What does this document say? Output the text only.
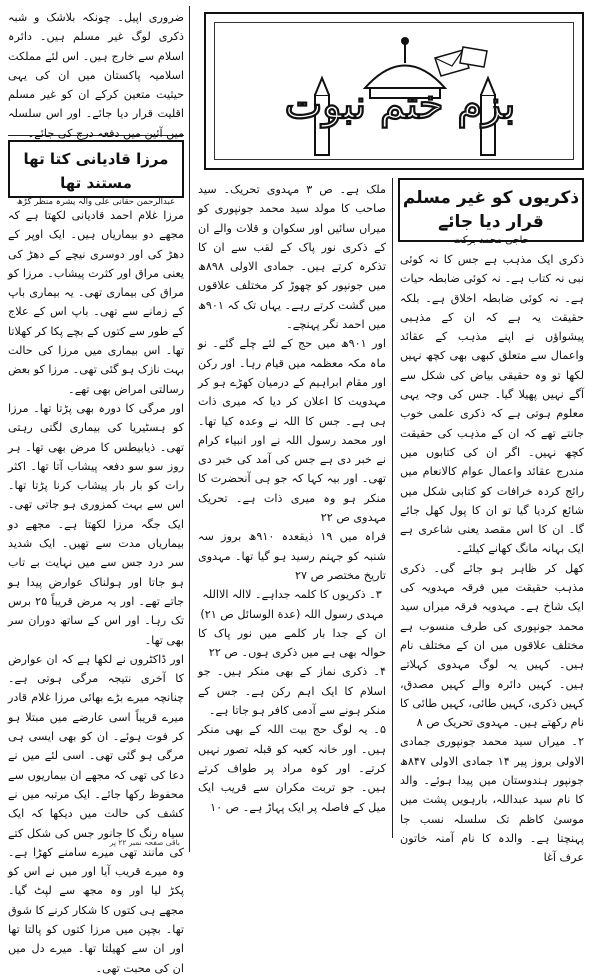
بزم ختم نبوت
ذکریوں کو غیر مسلم قرار دیا جائے
حاجی محمد برکت

ذکری ایک مذہب ہے جس کا نہ کوئی نبی نہ کتاب ہے۔ نہ کوئی ضابطہ حیات ہے۔ نہ کوئی ضابطہ اخلاق ہے۔ بلکہ حقیقت یہ ہے کہ ان کے مذہبی پیشواؤں نے اپنے مذہب کے عقائد واعمال سے متعلق کبھی بھی کچھ نہیں لکھا تو وہ حقیقی بیاض کی شکل سے آگے نہیں پھیلا گیا۔ جس کی وجہ یہی معلوم ہوتی ہے کہ ذکری علمی خوب جانتے تھے کہ ان کے مذہب کی حقیقت کچھ نہیں۔ اگر ان کی کتابوں میں مندرج عقائد واعمال عوام کالانعام میں رائج کردہ خرافات کو کتابی شکل میں شائع کردیا گیا تو ان کا پول کھل جائے گا۔ ان کا اس مقصد یعنی شاعری ہے ایک بہانہ مانگ کھانے کیلئے۔

کھل کر ظاہر ہو جائے گی۔ ذکری مذہب حقیقت میں فرقہ مہدویہ کی ایک شاخ ہے۔ مہدویہ فرقہ میراں سید محمد جونپوری کی طرف منسوب ہے مختلف علاقوں میں ان کے مختلف نام ہیں۔ کہیں یہ لوگ مہدوی کہلاتے ہیں۔ کہیں دائرہ والے کہیں مصدق، کہیں ذکری، کہیں طائی، کہیں طائی کا نام رکھتے ہیں۔ مہدوی تحریک ص ۸

۲۔ میراں سید محمد جونپوری جمادی الاولی بروز پیر ۱۴ جمادی الاولی ۸۴۷ھ جونپور ہندوستان میں پیدا ہوئے۔ والد کا نام سید عبداللہ، بارہویں پشت میں موسیٰ کاظم تک سلسلہ نسب جا پہنچتا ہے۔ والدہ کا نام آمنہ خاتون عرف آغا

ملک ہے۔ ص ۳ مہدوی تحریک۔ سید صاحب کا مولد سید محمد جونپوری کو میراں سائیں اور سکوان و قلات والے ان کے ذکری نور پاک کے لقب سے ان کا تذکرہ کرتے ہیں۔ جمادی الاولی ۸۹۸ھ میں جونپور کو چھوڑ کر مختلف علاقوں میں گشت کرتے رہے۔ یہاں تک کہ ۹۰۱ھ میں احمد نگر پہنچے۔

اور ۹۰۱ھ میں حج کے لئے چلے گئے۔ نو ماہ مکہ معظمہ میں قیام رہا۔ اور رکن اور مقام ابراہیم کے درمیان کھڑے ہو کر مہدویت کا اعلان کر دیا کہ میری ذات ہی ہے۔ جس کا اللہ نے وعدہ کیا تھا۔ اور محمد رسول اللہ نے اور انبیاء کرام نے خبر دی ہے جس کی آمد کی خبر دی تھی۔ اور بیہ کہا کہ جو ہی آنحضرت کا منکر ہو وہ میری ذات ہے۔ تحریک مہدوی ص ۲۲

فراہ میں ۱۹ ذیقعدہ ۹۱۰ھ بروز سہ شنبہ کو جہنم رسید ہو گیا تھا۔ مہدوی تاریخ مختصر ص ۲۷

۳۔ ذکریوں کا کلمہ جداہے۔ لاالہ الااللہ مہدی رسول اللہ (عدة الوسائل ص ۲۱)

ان کے جدا بار کلمے میں نور پاک کا حوالہ بھی ہے میں ذکری ہوں۔ ص ۲۲

۴۔ ذکری نماز کے بھی منکر ہیں۔ جو اسلام کا ایک اہم رکن ہے۔ جس کے منکر ہونے سے آدمی کافر ہو جاتا ہے۔

۵۔ یہ لوگ حج بیت اللہ کے بھی منکر ہیں۔ اور خانہ کعبہ کو قبلہ تصور نہیں کرتے۔ اور کوہ مراد پر طواف کرتے ہیں۔ جو تربت مکران سے قریب ایک میل کے فاصلہ پر ایک پہاڑ ہے۔ ص ۱۰

ضروری اپیل۔ چونکہ بلاشک و شبہ ذکری لوگ غیر مسلم ہیں۔ دائرہ اسلام سے خارج ہیں۔ اس لئے مملکت اسلامیہ پاکستان میں ان کی یہی حیثیت متعین کرکے ان کو غیر مسلم اقلیت قرار دیا جائے۔ اور اس سلسلہ میں آئین میں دفعہ درج کی جائے۔

مرزا قادیانی کتا تھا مستند تھا
عبدالرحمن حقانی علی والہ یشرہ منظر گڑھ

مرزا غلام احمد قادیانی لکھتا ہے کہ مجھے دو بیماریاں ہیں۔ ایک اوپر کے دھڑ کی اور دوسری نیچے کے دھڑ کی یعنی مراق اور کثرت پیشاب۔ مرزا کو مراق کی بیماری تھی۔ یہ بیماری باپ کے زمانے سے تھی۔ باپ اس کے علاج کے طور سے کتوں کے بچے پکا کر کھلاتا تھا۔ اس بیماری میں مرزا کی حالت بہت نازک ہو گئی تھی۔ مرزا کو بعض رسالتی امراض بھی تھے۔

اور مرگی کا دورہ بھی پڑتا تھا۔ مرزا کو ہسٹیریا کی بیماری لگتی رہتی تھی۔ ذیابیطس کا مرض بھی تھا۔ ہر روز سو سو دفعہ پیشاب آتا تھا۔ اکثر رات کو بار بار پیشاب کرنا پڑتا تھا۔ اس سے بہت کمزوری ہو جاتی تھی۔ ایک جگہ مرزا لکھتا ہے۔ مجھے دو بیماریاں مدت سے تھیں۔ ایک شدید سر درد جس سے میں نہایت بے تاب ہو جاتا اور ہولناک عوارض پیدا ہو جاتے تھے۔ اور یہ مرض قریباً ۲۵ برس تک رہا۔ اور اس کے ساتھ دوران سر بھی تھا۔

اور ڈاکٹروں نے لکھا ہے کہ ان عوارض کا آخری نتیجہ مرگی ہوتی ہے۔ چنانچہ میرے بڑے بھائی مرزا غلام قادر میرے قریباً اسی عارضے میں مبتلا ہو کر فوت ہوئے۔ ان کو بھی ایسی ہی مرگی ہو گئی تھی۔ اسی لئے میں نے دعا کی تھی کہ مجھے ان بیماریوں سے محفوظ رکھا جائے۔ ایک مرتبہ میں نے کشف کی حالت میں دیکھا کہ ایک سیاہ رنگ کا جانور جس کی شکل کتے کی مانند تھی میرے سامنے کھڑا ہے۔ وہ میرے قریب آیا اور میں نے اس کو پکڑ لیا اور وہ مجھ سے لپٹ گیا۔ مجھے ہی کتوں کا شکار کرنے کا شوق تھا۔ بچپن میں مرزا کتوں کو پالتا تھا اور ان سے کھیلتا تھا۔ میرے دل میں ان کی محبت تھی۔

باقی صفحہ نمبر ۲۲ پر
